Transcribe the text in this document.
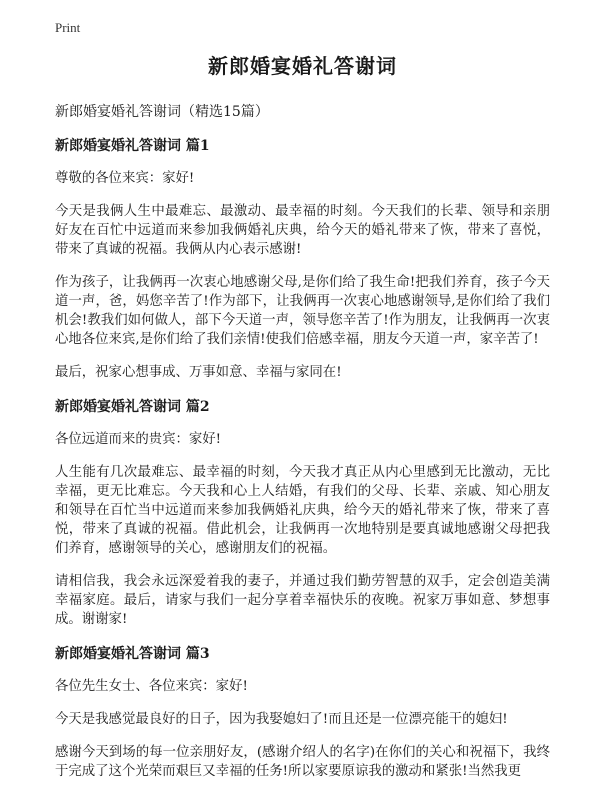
Print
新郎婚宴婚礼答谢词
新郎婚宴婚礼答谢词（精选15篇）
新郎婚宴婚礼答谢词 篇1

尊敬的各位来宾：家好!

今天是我俩人生中最难忘、最激动、最幸福的时刻。今天我们的长辈、领导和亲朋好友在百忙中远道而来参加我俩婚礼庆典，给今天的婚礼带来了恢，带来了喜悦，带来了真诚的祝福。我俩从内心表示感谢!

作为孩子，让我俩再一次衷心地感谢父母,是你们给了我生命!把我们养育，孩子今天道一声，爸，妈您辛苦了!作为部下，让我俩再一次衷心地感谢领导,是你们给了我们机会!教我们如何做人，部下今天道一声，领导您辛苦了!作为朋友，让我俩再一次衷心地各位来宾,是你们给了我们亲情!使我们倍感幸福，朋友今天道一声，家辛苦了!

最后，祝家心想事成、万事如意、幸福与家同在!

新郎婚宴婚礼答谢词 篇2

各位远道而来的贵宾：家好!

人生能有几次最难忘、最幸福的时刻，今天我才真正从内心里感到无比激动，无比幸福，更无比难忘。今天我和心上人结婚，有我们的父母、长辈、亲戚、知心朋友和领导在百忙当中远道而来参加我俩婚礼庆典，给今天的婚礼带来了恢，带来了喜悦，带来了真诚的祝福。借此机会，让我俩再一次地特别是要真诚地感谢父母把我们养育，感谢领导的关心，感谢朋友们的祝福。

请相信我，我会永远深爱着我的妻子，并通过我们勤劳智慧的双手，定会创造美满幸福家庭。最后，请家与我们一起分享着幸福快乐的夜晚。祝家万事如意、梦想事成。谢谢家!

新郎婚宴婚礼答谢词 篇3

各位先生女士、各位来宾：家好!

今天是我感觉最良好的日子，因为我娶媳妇了!而且还是一位漂亮能干的媳妇!

感谢今天到场的每一位亲朋好友，(感谢介绍人的名字)在你们的关心和祝福下，我终于完成了这个光荣而艰巨又幸福的任务!所以家要原谅我的激动和紧张!当然我更
